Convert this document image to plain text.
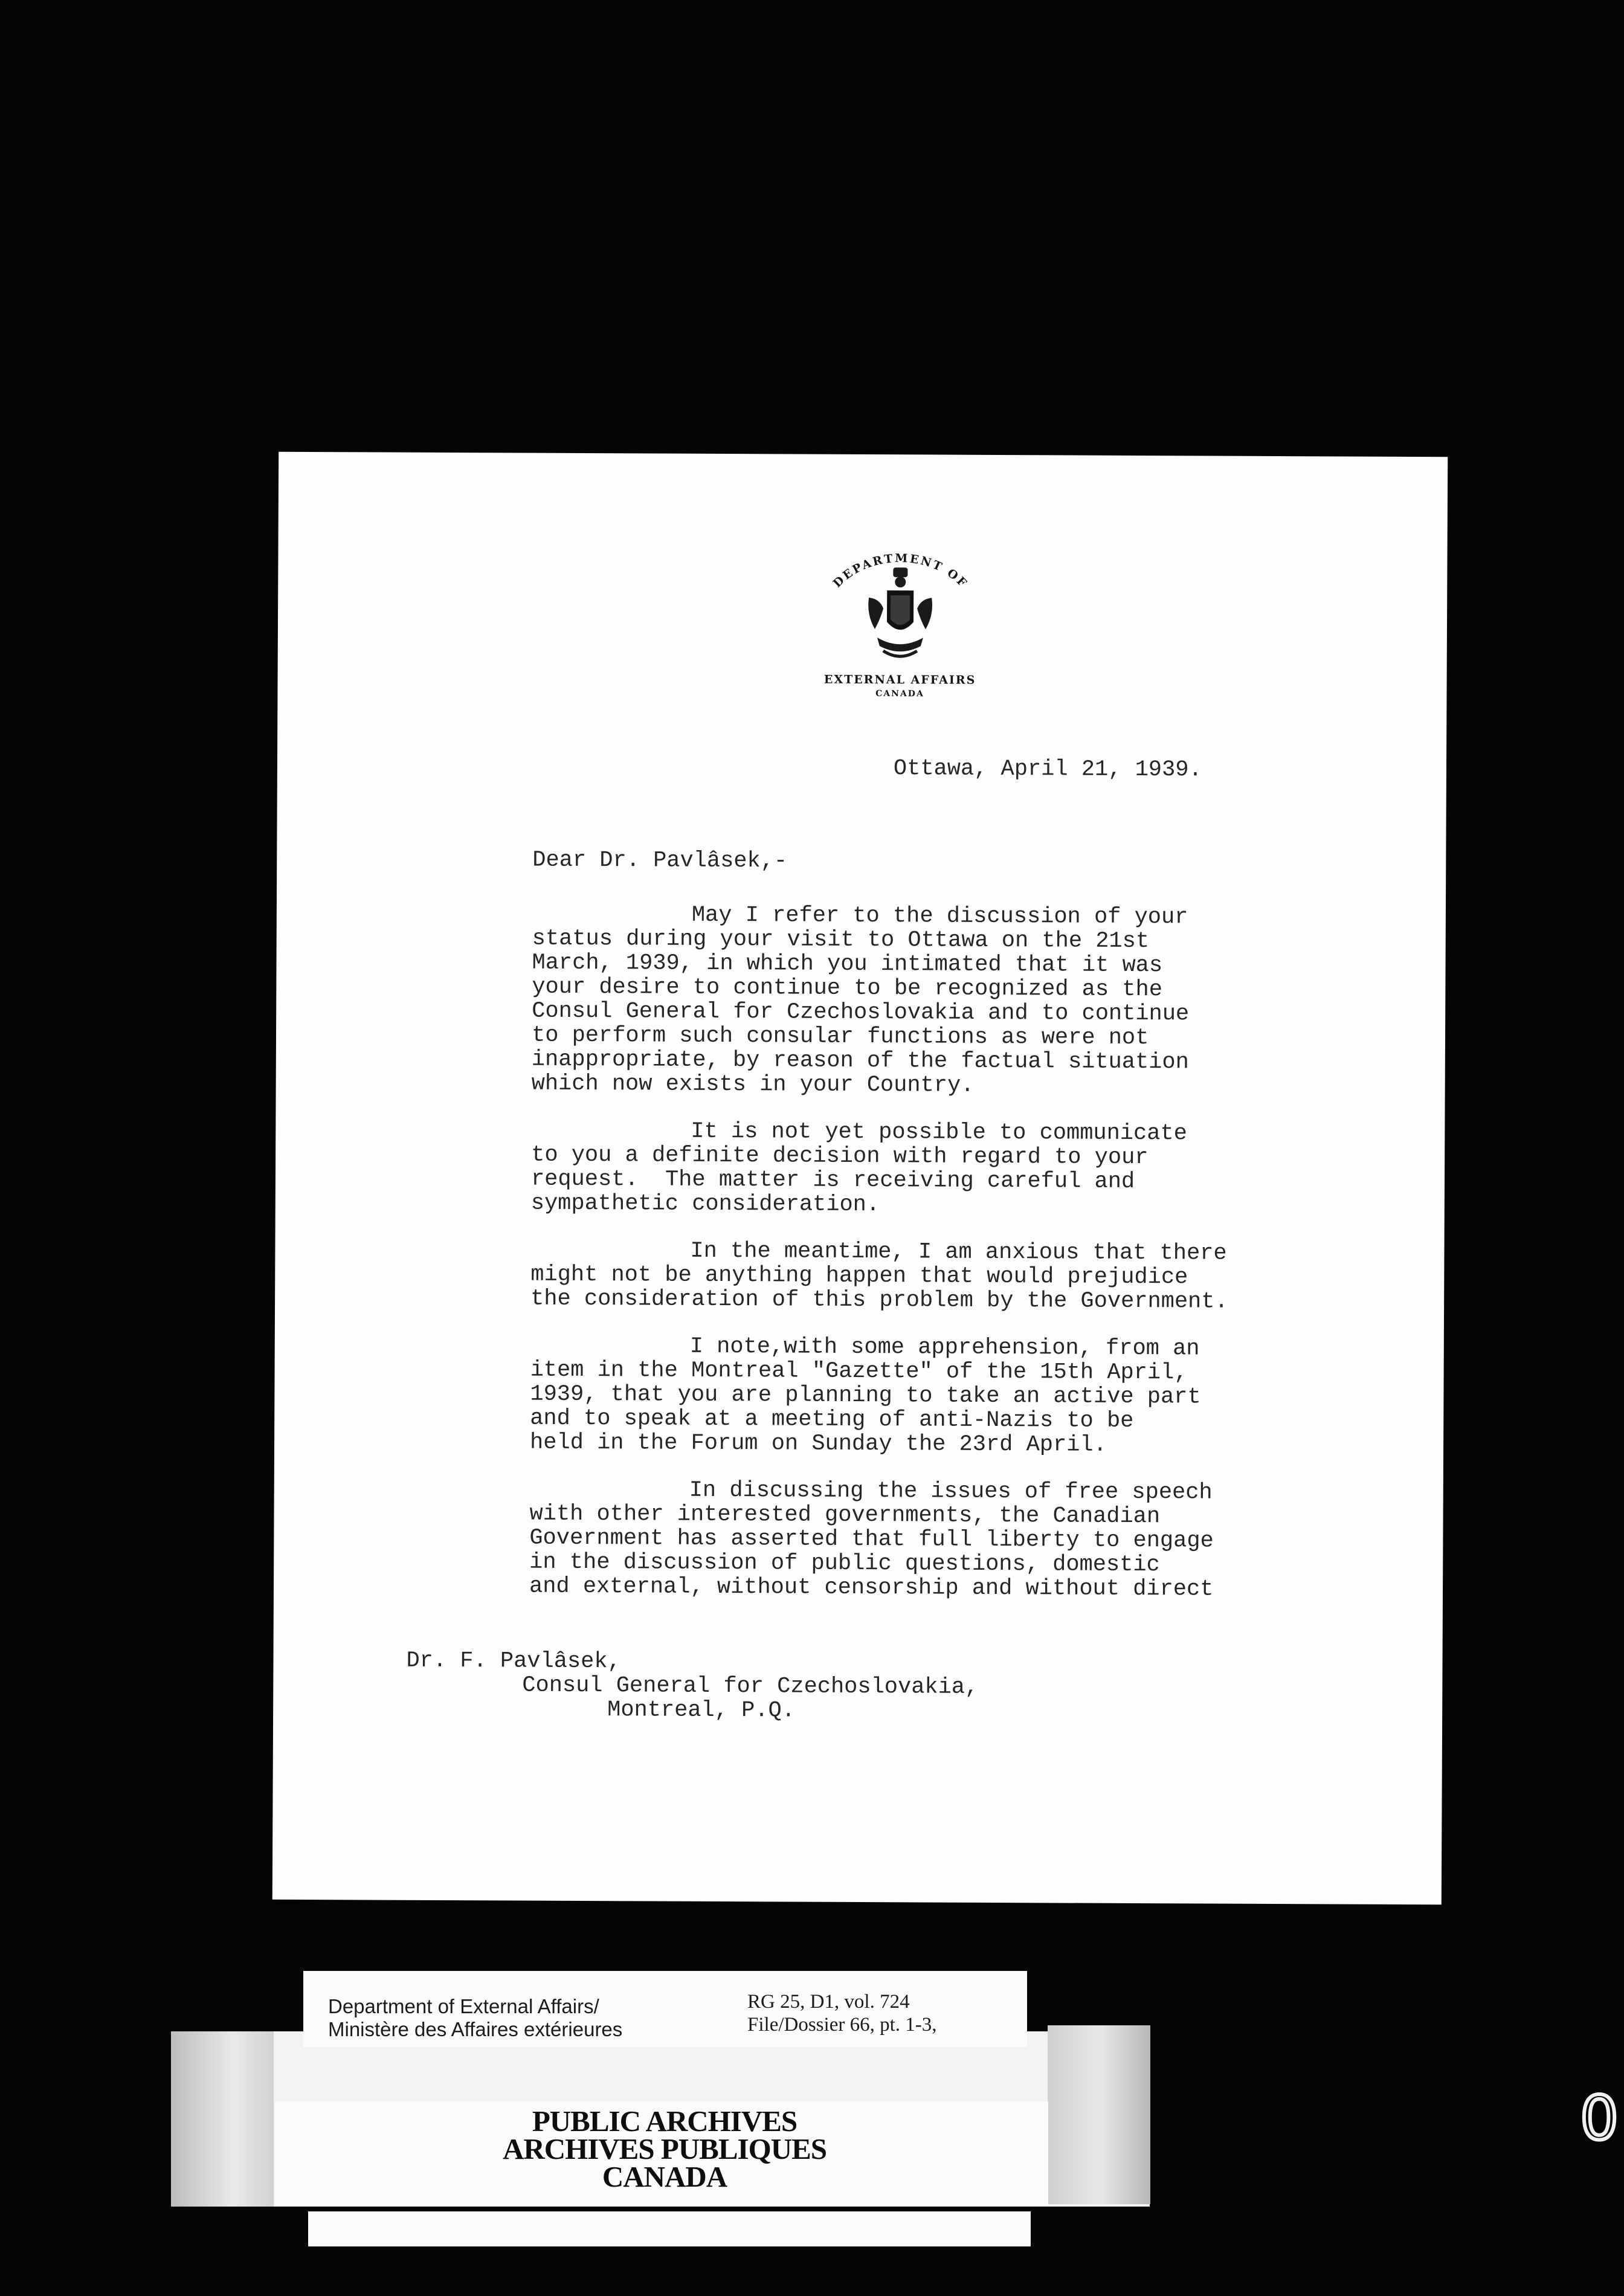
DEPARTMENT OF
EXTERNAL AFFAIRS
CANADA
Ottawa, April 21, 1939.
Dear Dr. Pavlâsek,-
May I refer to the discussion of your
status during your visit to Ottawa on the 21st
March, 1939, in which you intimated that it was
your desire to continue to be recognized as the
Consul General for Czechoslovakia and to continue
to perform such consular functions as were not
inappropriate, by reason of the factual situation
which now exists in your Country.
It is not yet possible to communicate
to you a definite decision with regard to your
request.  The matter is receiving careful and
sympathetic consideration.
In the meantime, I am anxious that there
might not be anything happen that would prejudice
the consideration of this problem by the Government.
I note,with some apprehension, from an
item in the Montreal "Gazette" of the 15th April,
1939, that you are planning to take an active part
and to speak at a meeting of anti-Nazis to be
held in the Forum on Sunday the 23rd April.
In discussing the issues of free speech
with other interested governments, the Canadian
Government has asserted that full liberty to engage
in the discussion of public questions, domestic
and external, without censorship and without direct
Dr. F. Pavlâsek,
Consul General for Czechoslovakia,
Montreal, P.Q.
Department of External Affairs/
Ministère des Affaires extérieures
RG 25, D1, vol. 724
File/Dossier 66, pt. 1-3,
PUBLIC ARCHIVES
ARCHIVES PUBLIQUES
CANADA
0
